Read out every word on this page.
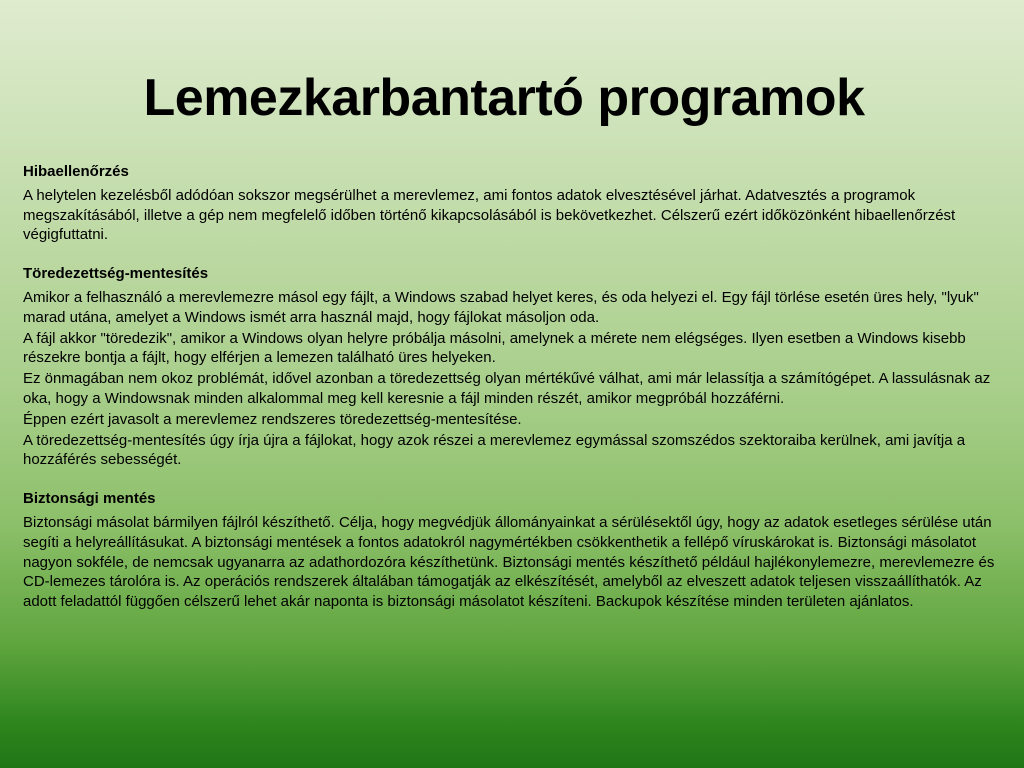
Lemezkarbantartó programok
Hibaellenőrzés
A helytelen kezelésből adódóan sokszor megsérülhet a merevlemez, ami fontos adatok elvesztésével járhat. Adatvesztés a programok megszakításából, illetve a gép nem megfelelő időben történő kikapcsolásából is bekövetkezhet. Célszerű ezért időközönként hibaellenőrzést végigfuttatni.
Töredezettség-mentesítés
Amikor a felhasználó a merevlemezre másol egy fájlt, a Windows szabad helyet keres, és oda helyezi el. Egy fájl törlése esetén üres hely, "lyuk" marad utána, amelyet a Windows ismét arra használ majd, hogy fájlokat másoljon oda.
A fájl akkor "töredezik", amikor a Windows olyan helyre próbálja másolni, amelynek a mérete nem elégséges. Ilyen esetben a Windows kisebb részekre bontja a fájlt, hogy elférjen a lemezen található üres helyeken.
Ez önmagában nem okoz problémát, idővel azonban a töredezettség olyan mértékűvé válhat, ami már lelassítja a számítógépet. A lassulásnak az oka, hogy a Windowsnak minden alkalommal meg kell keresnie a fájl minden részét, amikor megpróbál hozzáférni.
Éppen ezért javasolt a merevlemez rendszeres töredezettség-mentesítése.
A töredezettség-mentesítés úgy írja újra a fájlokat, hogy azok részei a merevlemez egymással szomszédos szektoraiba kerülnek, ami javítja a hozzáférés sebességét.
Biztonsági mentés
Biztonsági másolat bármilyen fájlról készíthető. Célja, hogy megvédjük állományainkat a sérülésektől úgy, hogy az adatok esetleges sérülése után segíti a helyreállításukat. A biztonsági mentések a fontos adatokról nagymértékben csökkenthetik a fellépő víruskárokat is. Biztonsági másolatot nagyon sokféle, de nemcsak ugyanarra az adathordozóra készíthetünk. Biztonsági mentés készíthető például hajlékonylemezre, merevlemezre és CD-lemezes tárolóra is. Az operációs rendszerek általában támogatják az elkészítését, amelyből az elveszett adatok teljesen visszaállíthatók. Az adott feladattól függően célszerű lehet akár naponta is biztonsági másolatot készíteni. Backupok készítése minden területen ajánlatos.
